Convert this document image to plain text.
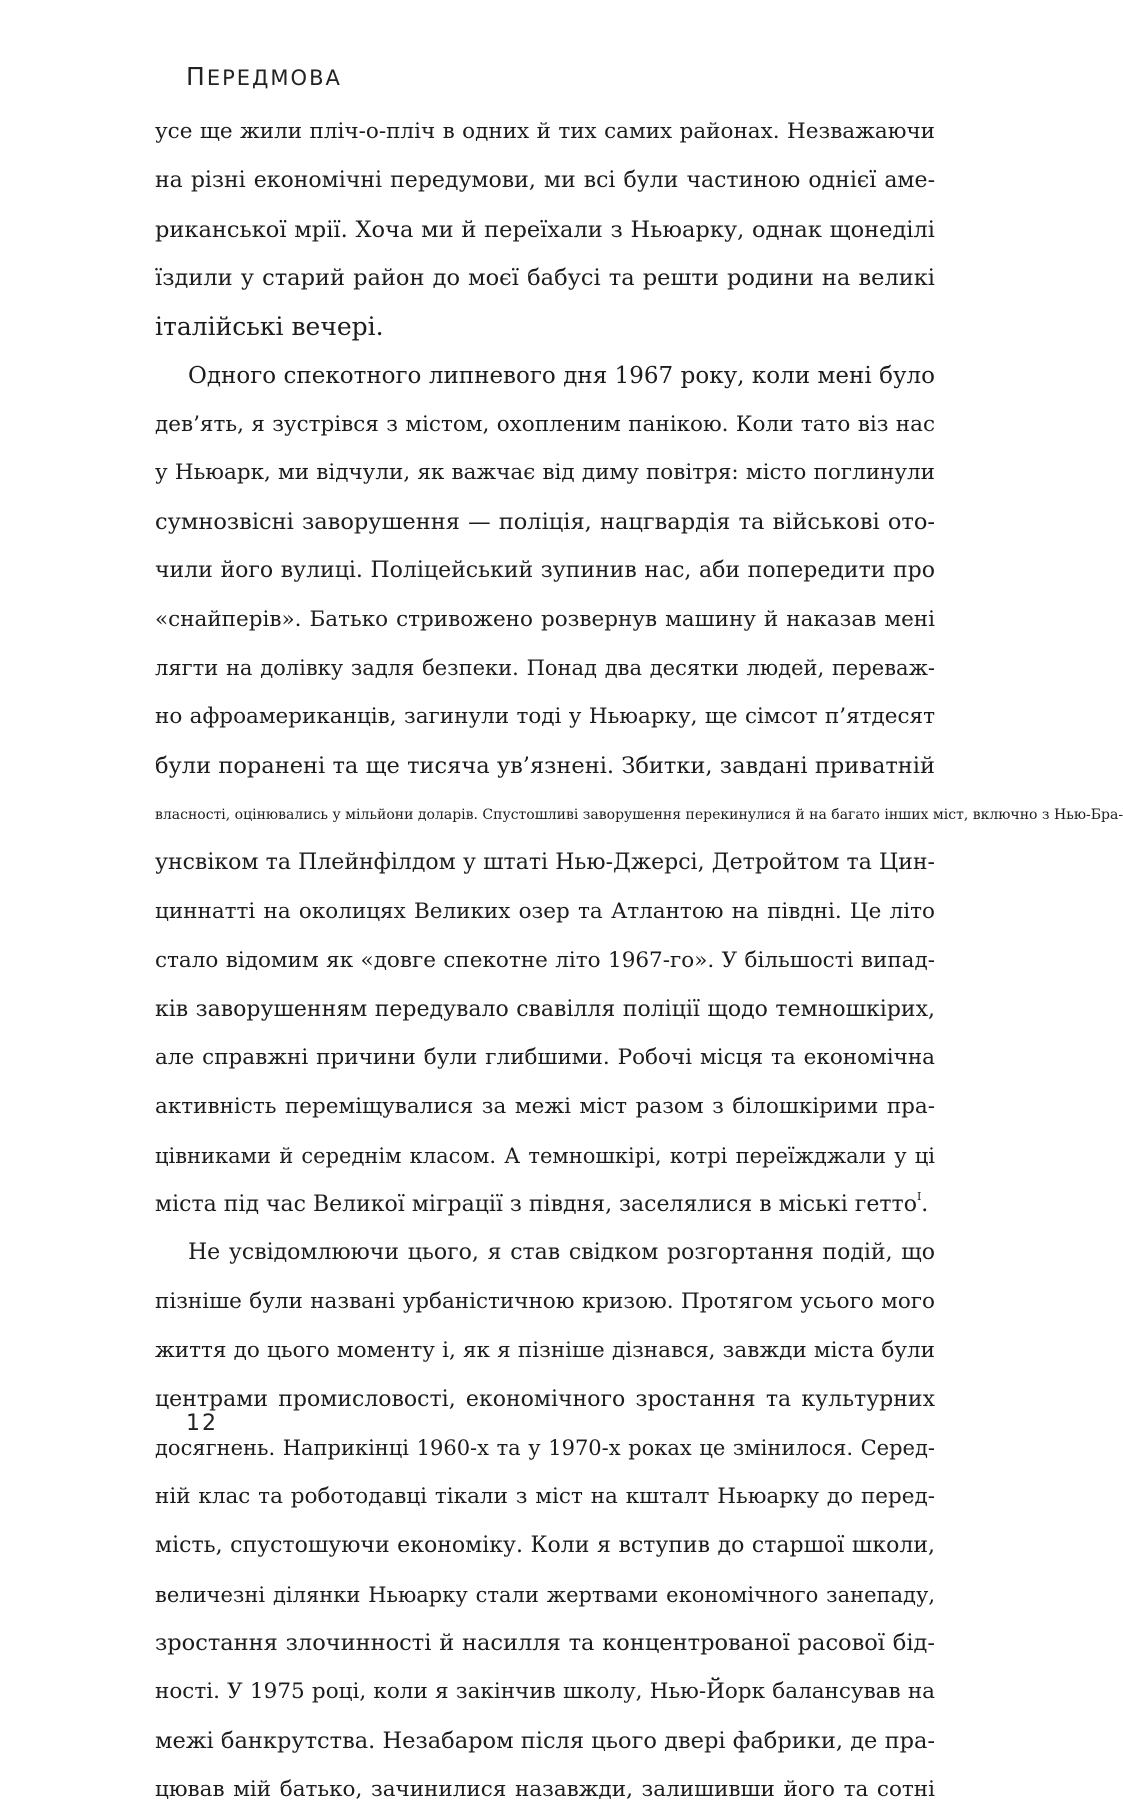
ПЕРЕДМОВА
усе ще жили пліч-о-пліч в одних й тих самих районах. Незважаючи
на різні економічні передумови, ми всі були частиною однієї аме-
риканської мрії. Хоча ми й переїхали з Ньюарку, однак щонеділі
їздили у старий район до моєї бабусі та решти родини на великі
італійські вечері.
Одного спекотного липневого дня 1967 року, коли мені було
дев’ять, я зустрівся з містом, охопленим панікою. Коли тато віз нас
у Ньюарк, ми відчули, як важчає від диму повітря: місто поглинули
сумнозвісні заворушення — поліція, нацгвардія та військові ото-
чили його вулиці. Поліцейський зупинив нас, аби попередити про
«снайперів». Батько стривожено розвернув машину й наказав мені
лягти на долівку задля безпеки. Понад два десятки людей, переваж-
но афроамериканців, загинули тоді у Ньюарку, ще сімсот п’ятдесят
були поранені та ще тисяча ув’язнені. Збитки, завдані приватній
власності, оцінювались у мільйони доларів. Спустошливі заворушення перекинулися й на багато інших міст, включно з Нью-Бра-
унсвіком та Плейнфілдом у штаті Нью-Джерсі, Детройтом та Цин-
циннатті на околицях Великих озер та Атлантою на півдні. Це літо
стало відомим як «довге спекотне літо 1967-го». У більшості випад-
ків заворушенням передувало свавілля поліції щодо темношкірих,
але справжні причини були глибшими. Робочі місця та економічна
активність переміщувалися за межі міст разом з білошкірими пра-
цівниками й середнім класом. А темношкірі, котрі переїжджали у ці
міста під час Великої міграції з півдня, заселялися в міські гетто$^I$.
Не усвідомлюючи цього, я став свідком розгортання подій, що
пізніше були названі урбаністичною кризою. Протягом усього мого
життя до цього моменту і, як я пізніше дізнався, завжди міста були
центрами промисловості, економічного зростання та культурних
досягнень. Наприкінці 1960-х та у 1970-х роках це змінилося. Серед-
ній клас та роботодавці тікали з міст на кшталт Ньюарку до перед-
мість, спустошуючи економіку. Коли я вступив до старшої школи,
величезні ділянки Ньюарку стали жертвами економічного занепаду,
зростання злочинності й насилля та концентрованої расової бід-
ності. У 1975 році, коли я закінчив школу, Нью-Йорк балансував на
межі банкрутства. Незабаром після цього двері фабрики, де пра-
цював мій батько, зачинилися назавжди, залишивши його та сотні
12
